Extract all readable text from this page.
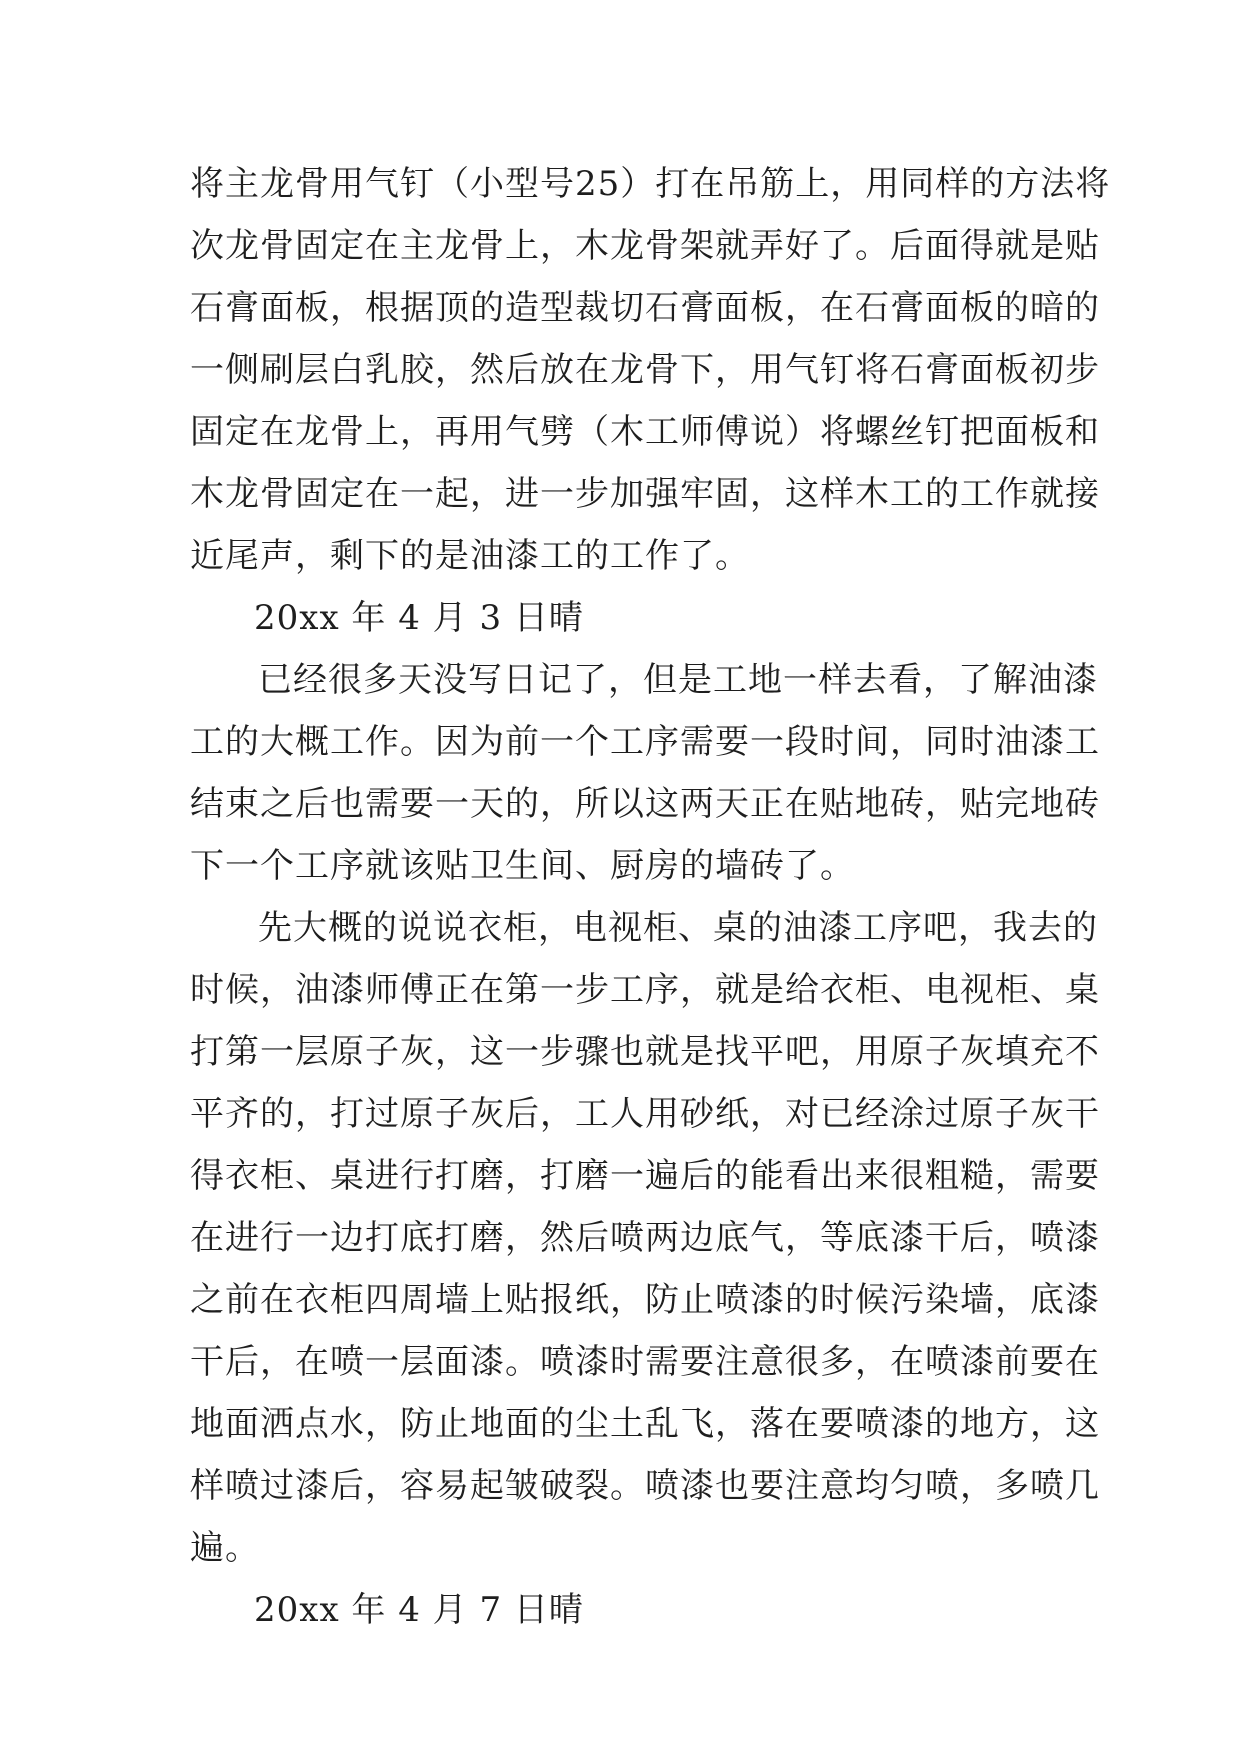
将主龙骨用气钉（小型号25）打在吊筋上，用同样的方法将
次龙骨固定在主龙骨上，木龙骨架就弄好了。后面得就是贴
石膏面板，根据顶的造型裁切石膏面板，在石膏面板的暗的
一侧刷层白乳胶，然后放在龙骨下，用气钉将石膏面板初步
固定在龙骨上，再用气劈（木工师傅说）将螺丝钉把面板和
木龙骨固定在一起，进一步加强牢固，这样木工的工作就接
近尾声，剩下的是油漆工的工作了。
20xx 年 4 月 3 日晴
已经很多天没写日记了，但是工地一样去看，了解油漆
工的大概工作。因为前一个工序需要一段时间，同时油漆工
结束之后也需要一天的，所以这两天正在贴地砖，贴完地砖
下一个工序就该贴卫生间、厨房的墙砖了。
先大概的说说衣柜，电视柜、桌的油漆工序吧，我去的
时候，油漆师傅正在第一步工序，就是给衣柜、电视柜、桌
打第一层原子灰，这一步骤也就是找平吧，用原子灰填充不
平齐的，打过原子灰后，工人用砂纸，对已经涂过原子灰干
得衣柜、桌进行打磨，打磨一遍后的能看出来很粗糙，需要
在进行一边打底打磨，然后喷两边底气，等底漆干后，喷漆
之前在衣柜四周墙上贴报纸，防止喷漆的时候污染墙，底漆
干后，在喷一层面漆。喷漆时需要注意很多，在喷漆前要在
地面洒点水，防止地面的尘土乱飞，落在要喷漆的地方，这
样喷过漆后，容易起皱破裂。喷漆也要注意均匀喷，多喷几
遍。
20xx 年 4 月 7 日晴
